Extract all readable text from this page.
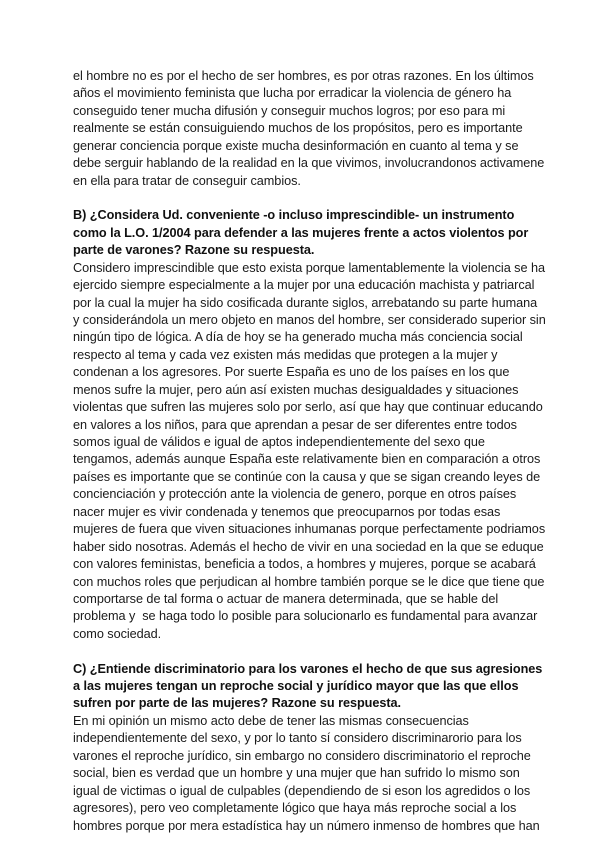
el hombre no es por el hecho de ser hombres, es por otras razones. En los últimos
años el movimiento feminista que lucha por erradicar la violencia de género ha
conseguido tener mucha difusión y conseguir muchos logros; por eso para mi
realmente se están consuiguiendo muchos de los propósitos, pero es importante
generar conciencia porque existe mucha desinformación en cuanto al tema y se
debe serguir hablando de la realidad en la que vivimos, involucrandonos activamene
en ella para tratar de conseguir cambios.
B) ¿Considera Ud. conveniente -o incluso imprescindible- un instrumento
como la L.O. 1/2004 para defender a las mujeres frente a actos violentos por
parte de varones? Razone su respuesta.
Considero imprescindible que esto exista porque lamentablemente la violencia se ha
ejercido siempre especialmente a la mujer por una educación machista y patriarcal
por la cual la mujer ha sido cosificada durante siglos, arrebatando su parte humana
y considerándola un mero objeto en manos del hombre, ser considerado superior sin
ningún tipo de lógica. A día de hoy se ha generado mucha más conciencia social
respecto al tema y cada vez existen más medidas que protegen a la mujer y
condenan a los agresores. Por suerte España es uno de los países en los que
menos sufre la mujer, pero aún así existen muchas desigualdades y situaciones
violentas que sufren las mujeres solo por serlo, así que hay que continuar educando
en valores a los niños, para que aprendan a pesar de ser diferentes entre todos
somos igual de válidos e igual de aptos independientemente del sexo que
tengamos, además aunque España este relativamente bien en comparación a otros
países es importante que se continúe con la causa y que se sigan creando leyes de
concienciación y protección ante la violencia de genero, porque en otros países
nacer mujer es vivir condenada y tenemos que preocuparnos por todas esas
mujeres de fuera que viven situaciones inhumanas porque perfectamente podriamos
haber sido nosotras. Además el hecho de vivir en una sociedad en la que se eduque
con valores feministas, beneficia a todos, a hombres y mujeres, porque se acabará
con muchos roles que perjudican al hombre también porque se le dice que tiene que
comportarse de tal forma o actuar de manera determinada, que se hable del
problema y  se haga todo lo posible para solucionarlo es fundamental para avanzar
como sociedad.
C) ¿Entiende discriminatorio para los varones el hecho de que sus agresiones
a las mujeres tengan un reproche social y jurídico mayor que las que ellos
sufren por parte de las mujeres? Razone su respuesta.
En mi opinión un mismo acto debe de tener las mismas consecuencias
independientemente del sexo, y por lo tanto sí considero discriminarorio para los
varones el reproche jurídico, sin embargo no considero discriminatorio el reproche
social, bien es verdad que un hombre y una mujer que han sufrido lo mismo son
igual de victimas o igual de culpables (dependiendo de si eson los agredidos o los
agresores), pero veo completamente lógico que haya más reproche social a los
hombres porque por mera estadística hay un número inmenso de hombres que han
